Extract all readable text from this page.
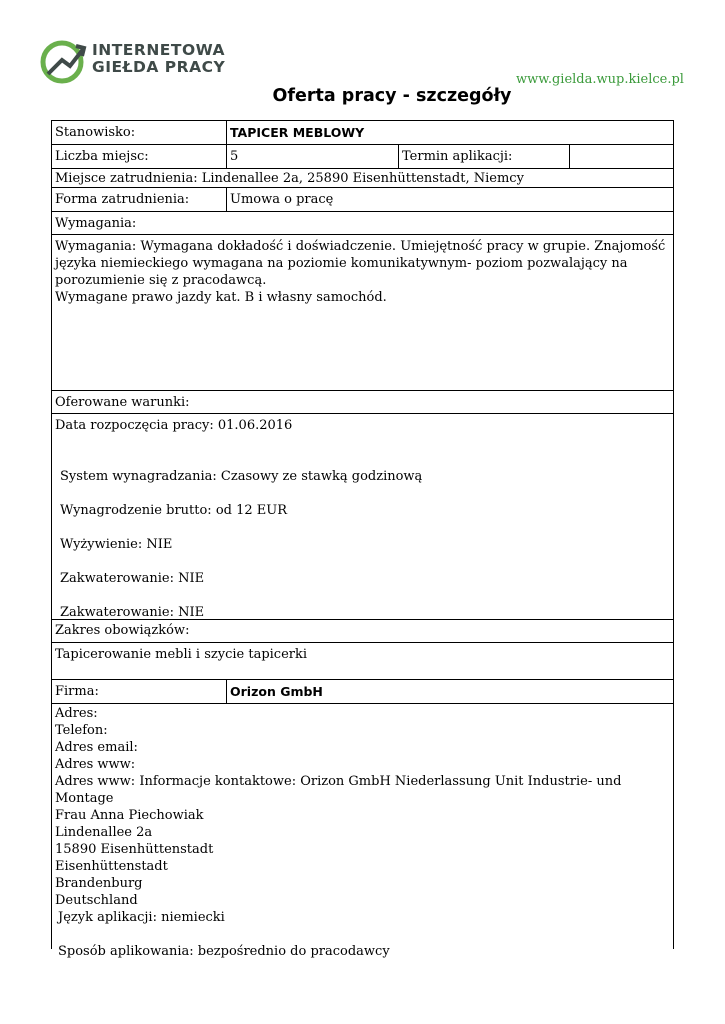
INTERNETOWA
GIEŁDA PRACY
www.gielda.wup.kielce.pl
Oferta pracy - szczegóły
Stanowisko:	TAPICER MEBLOWY
Liczba miejsc:	5	Termin aplikacji:
Miejsce zatrudnienia: Lindenallee 2a, 25890 Eisenhüttenstadt, Niemcy
Forma zatrudnienia:	Umowa o pracę
Wymagania:
Wymagania: Wymagana dokładość i doświadczenie. Umiejętność pracy w grupie. Znajomość języka niemieckiego wymagana na poziomie komunikatywnym- poziom pozwalający na porozumienie się z pracodawcą.
Wymagane prawo jazdy kat. B i własny samochód.
Oferowane warunki:
Data rozpoczęcia pracy: 01.06.2016
System wynagradzania: Czasowy ze stawką godzinową
Wynagrodzenie brutto: od 12 EUR
Wyżywienie: NIE
Zakwaterowanie: NIE
Zakwaterowanie: NIE
Zakres obowiązków:
Tapicerowanie mebli i szycie tapicerki
Firma:	Orizon GmbH
Adres:
Telefon:
Adres email:
Adres www:
Adres www: Informacje kontaktowe: Orizon GmbH Niederlassung Unit Industrie- und Montage
Frau Anna Piechowiak
Lindenallee 2a
15890 Eisenhüttenstadt
Eisenhüttenstadt
Brandenburg
Deutschland
Język aplikacji: niemiecki
Sposób aplikowania: bezpośrednio do pracodawcy
